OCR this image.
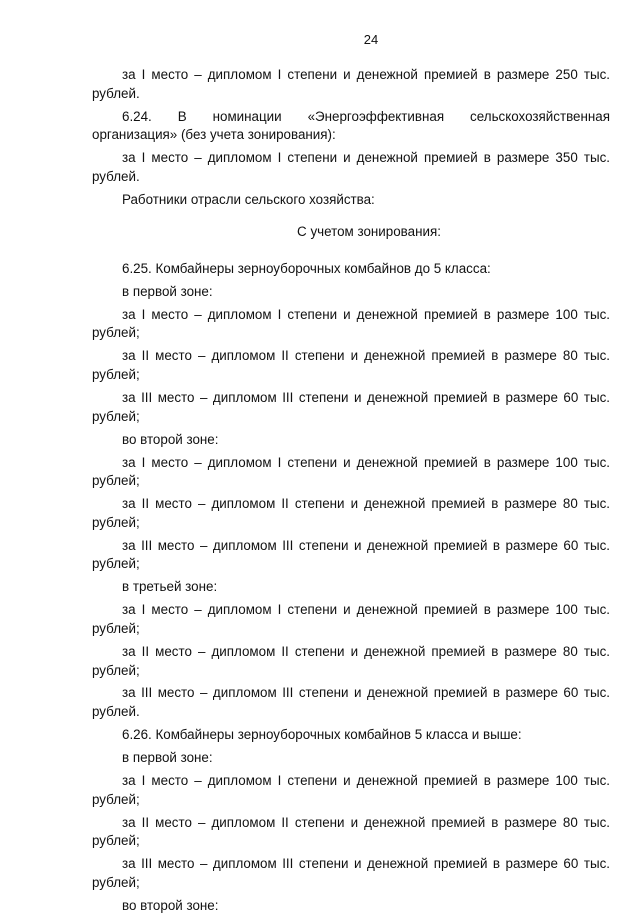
24

за I место – дипломом I степени и денежной премией в размере 250 тыс. рублей.

6.24. В номинации «Энергоэффективная сельскохозяйственная организация» (без учета зонирования):

за I место – дипломом I степени и денежной премией в размере 350 тыс. рублей.

Работники отрасли сельского хозяйства:

С учетом зонирования:

6.25. Комбайнеры зерноуборочных комбайнов до 5 класса:

в первой зоне:

за I место – дипломом I степени и денежной премией в размере 100 тыс. рублей;

за II место – дипломом II степени и денежной премией в размере 80 тыс. рублей;

за III место – дипломом III степени и денежной премией в размере 60 тыс. рублей;

во второй зоне:

за I место – дипломом I степени и денежной премией в размере 100 тыс. рублей;

за II место – дипломом II степени и денежной премией в размере 80 тыс. рублей;

за III место – дипломом III степени и денежной премией в размере 60 тыс. рублей;

в третьей зоне:

за I место – дипломом I степени и денежной премией в размере 100 тыс. рублей;

за II место – дипломом II степени и денежной премией в размере 80 тыс. рублей;

за III место – дипломом III степени и денежной премией в размере 60 тыс. рублей.

6.26. Комбайнеры зерноуборочных комбайнов 5 класса и выше:

в первой зоне:

за I место – дипломом I степени и денежной премией в размере 100 тыс. рублей;

за II место – дипломом II степени и денежной премией в размере 80 тыс. рублей;

за III место – дипломом III степени и денежной премией в размере 60 тыс. рублей;

во второй зоне:
